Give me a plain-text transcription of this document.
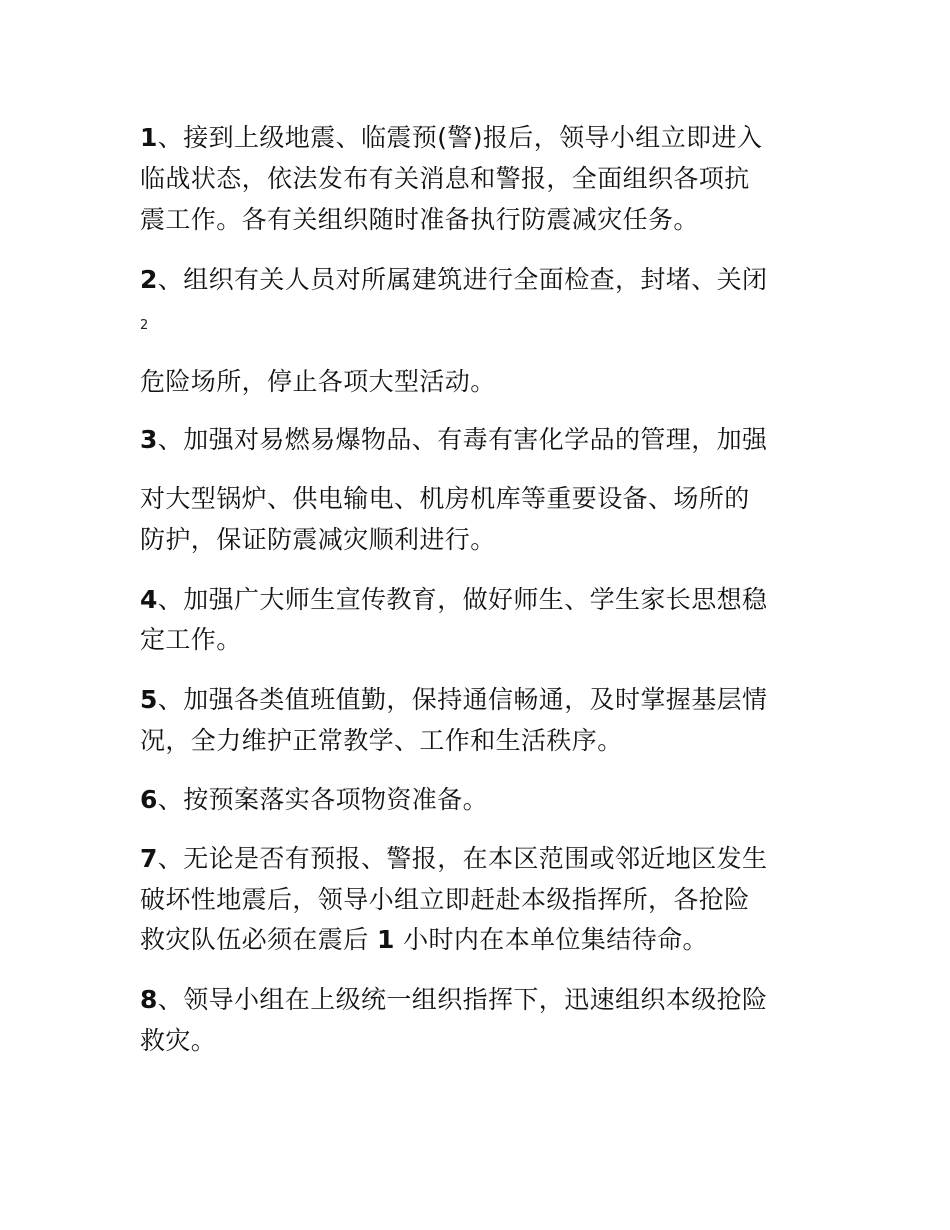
1、接到上级地震、临震预(警)报后，领导小组立即进入
临战状态，依法发布有关消息和警报，全面组织各项抗
震工作。各有关组织随时准备执行防震减灾任务。
2、组织有关人员对所属建筑进行全面检查，封堵、关闭
2
危险场所，停止各项大型活动。
3、加强对易燃易爆物品、有毒有害化学品的管理，加强
对大型锅炉、供电输电、机房机库等重要设备、场所的
防护，保证防震减灾顺利进行。
4、加强广大师生宣传教育，做好师生、学生家长思想稳
定工作。
5、加强各类值班值勤，保持通信畅通，及时掌握基层情
况，全力维护正常教学、工作和生活秩序。
6、按预案落实各项物资准备。
7、无论是否有预报、警报，在本区范围或邻近地区发生
破坏性地震后，领导小组立即赶赴本级指挥所，各抢险
救灾队伍必须在震后 1 小时内在本单位集结待命。
8、领导小组在上级统一组织指挥下，迅速组织本级抢险
救灾。
